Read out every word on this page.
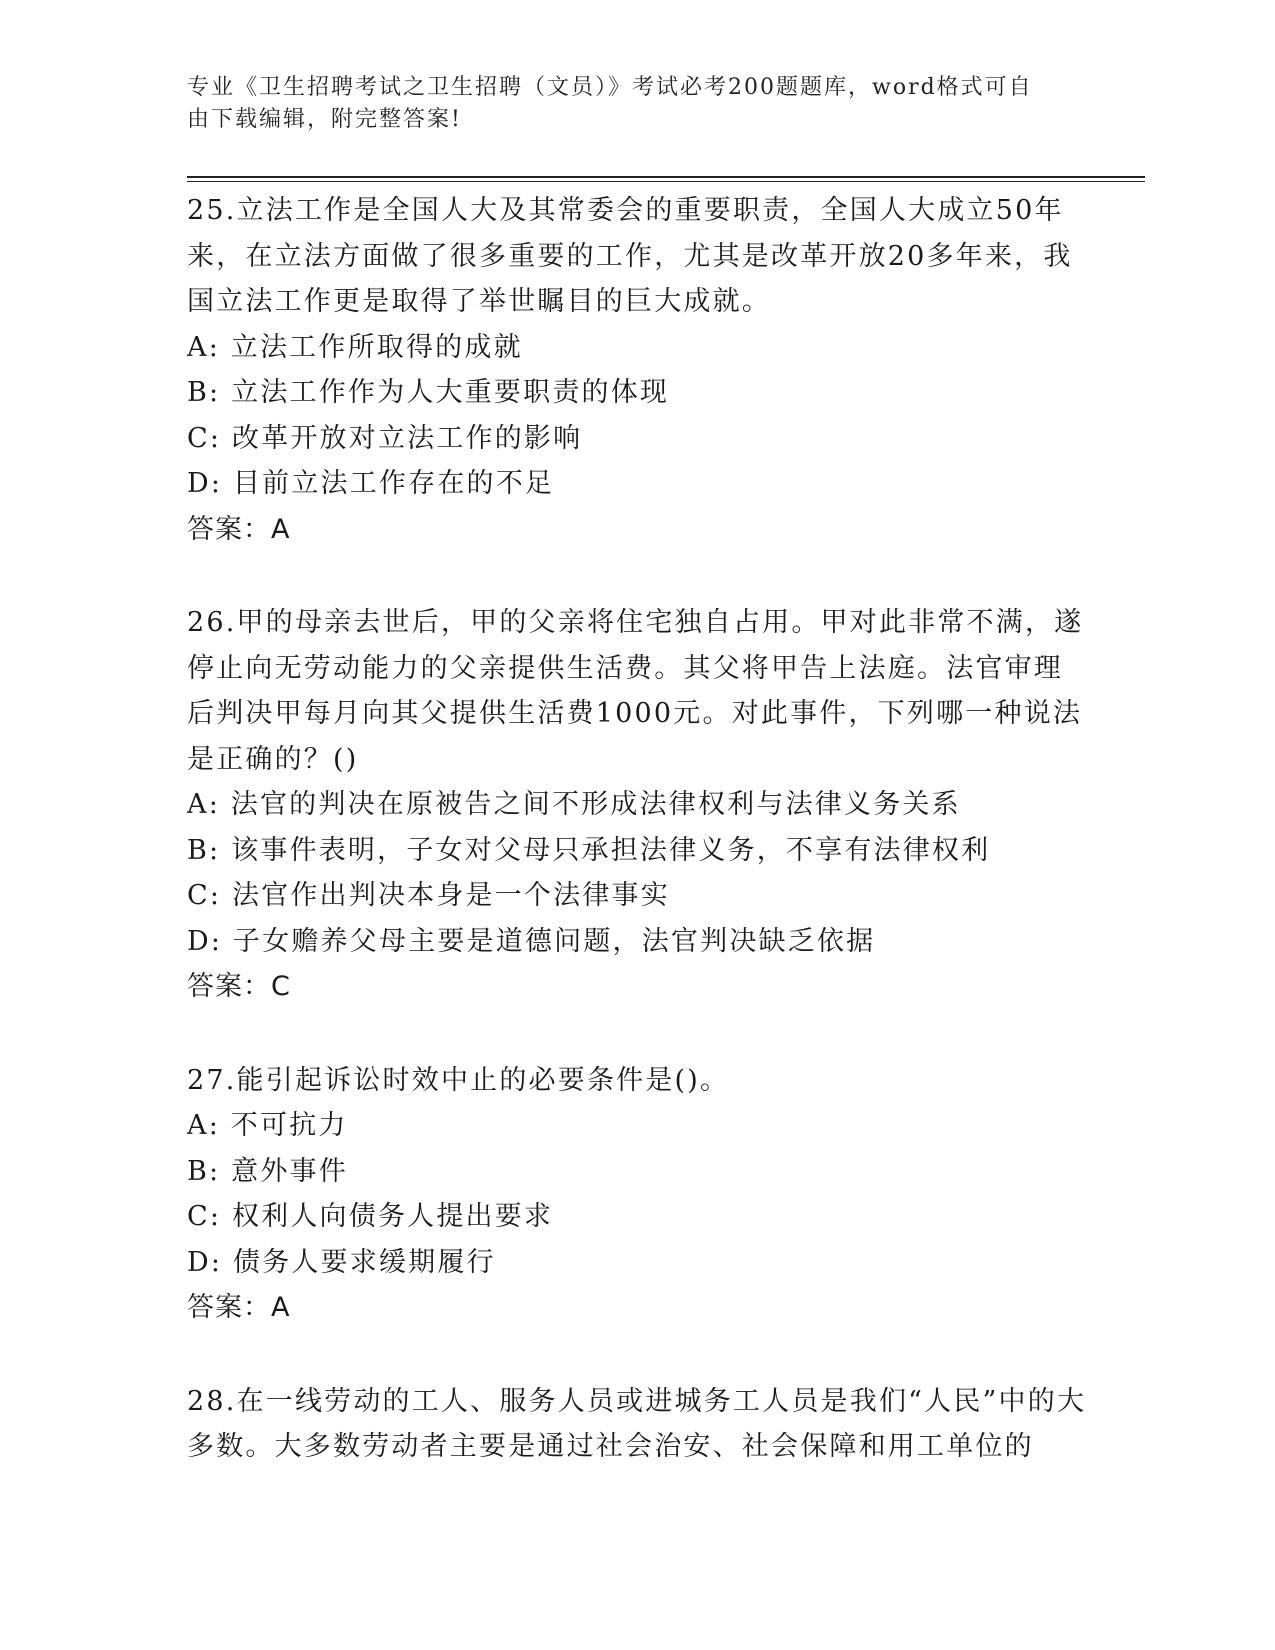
专业《卫生招聘考试之卫生招聘（文员）》考试必考200题题库，word格式可自
由下载编辑，附完整答案!

25.立法工作是全国人大及其常委会的重要职责，全国人大成立50年来，在立法方面做了很多重要的工作，尤其是改革开放20多年来，我国立法工作更是取得了举世瞩目的巨大成就。

A: 立法工作所取得的成就

B: 立法工作作为人大重要职责的体现

C: 改革开放对立法工作的影响

D: 目前立法工作存在的不足

答案：A

26.甲的母亲去世后，甲的父亲将住宅独自占用。甲对此非常不满，遂停止向无劳动能力的父亲提供生活费。其父将甲告上法庭。法官审理后判决甲每月向其父提供生活费1000元。对此事件，下列哪一种说法是正确的？()

A: 法官的判决在原被告之间不形成法律权利与法律义务关系

B: 该事件表明，子女对父母只承担法律义务，不享有法律权利

C: 法官作出判决本身是一个法律事实

D: 子女赡养父母主要是道德问题，法官判决缺乏依据

答案：C

27.能引起诉讼时效中止的必要条件是()。

A: 不可抗力

B: 意外事件

C: 权利人向债务人提出要求

D: 债务人要求缓期履行

答案：A

28.在一线劳动的工人、服务人员或进城务工人员是我们“人民”中的大多数。大多数劳动者主要是通过社会治安、社会保障和用工单位的
